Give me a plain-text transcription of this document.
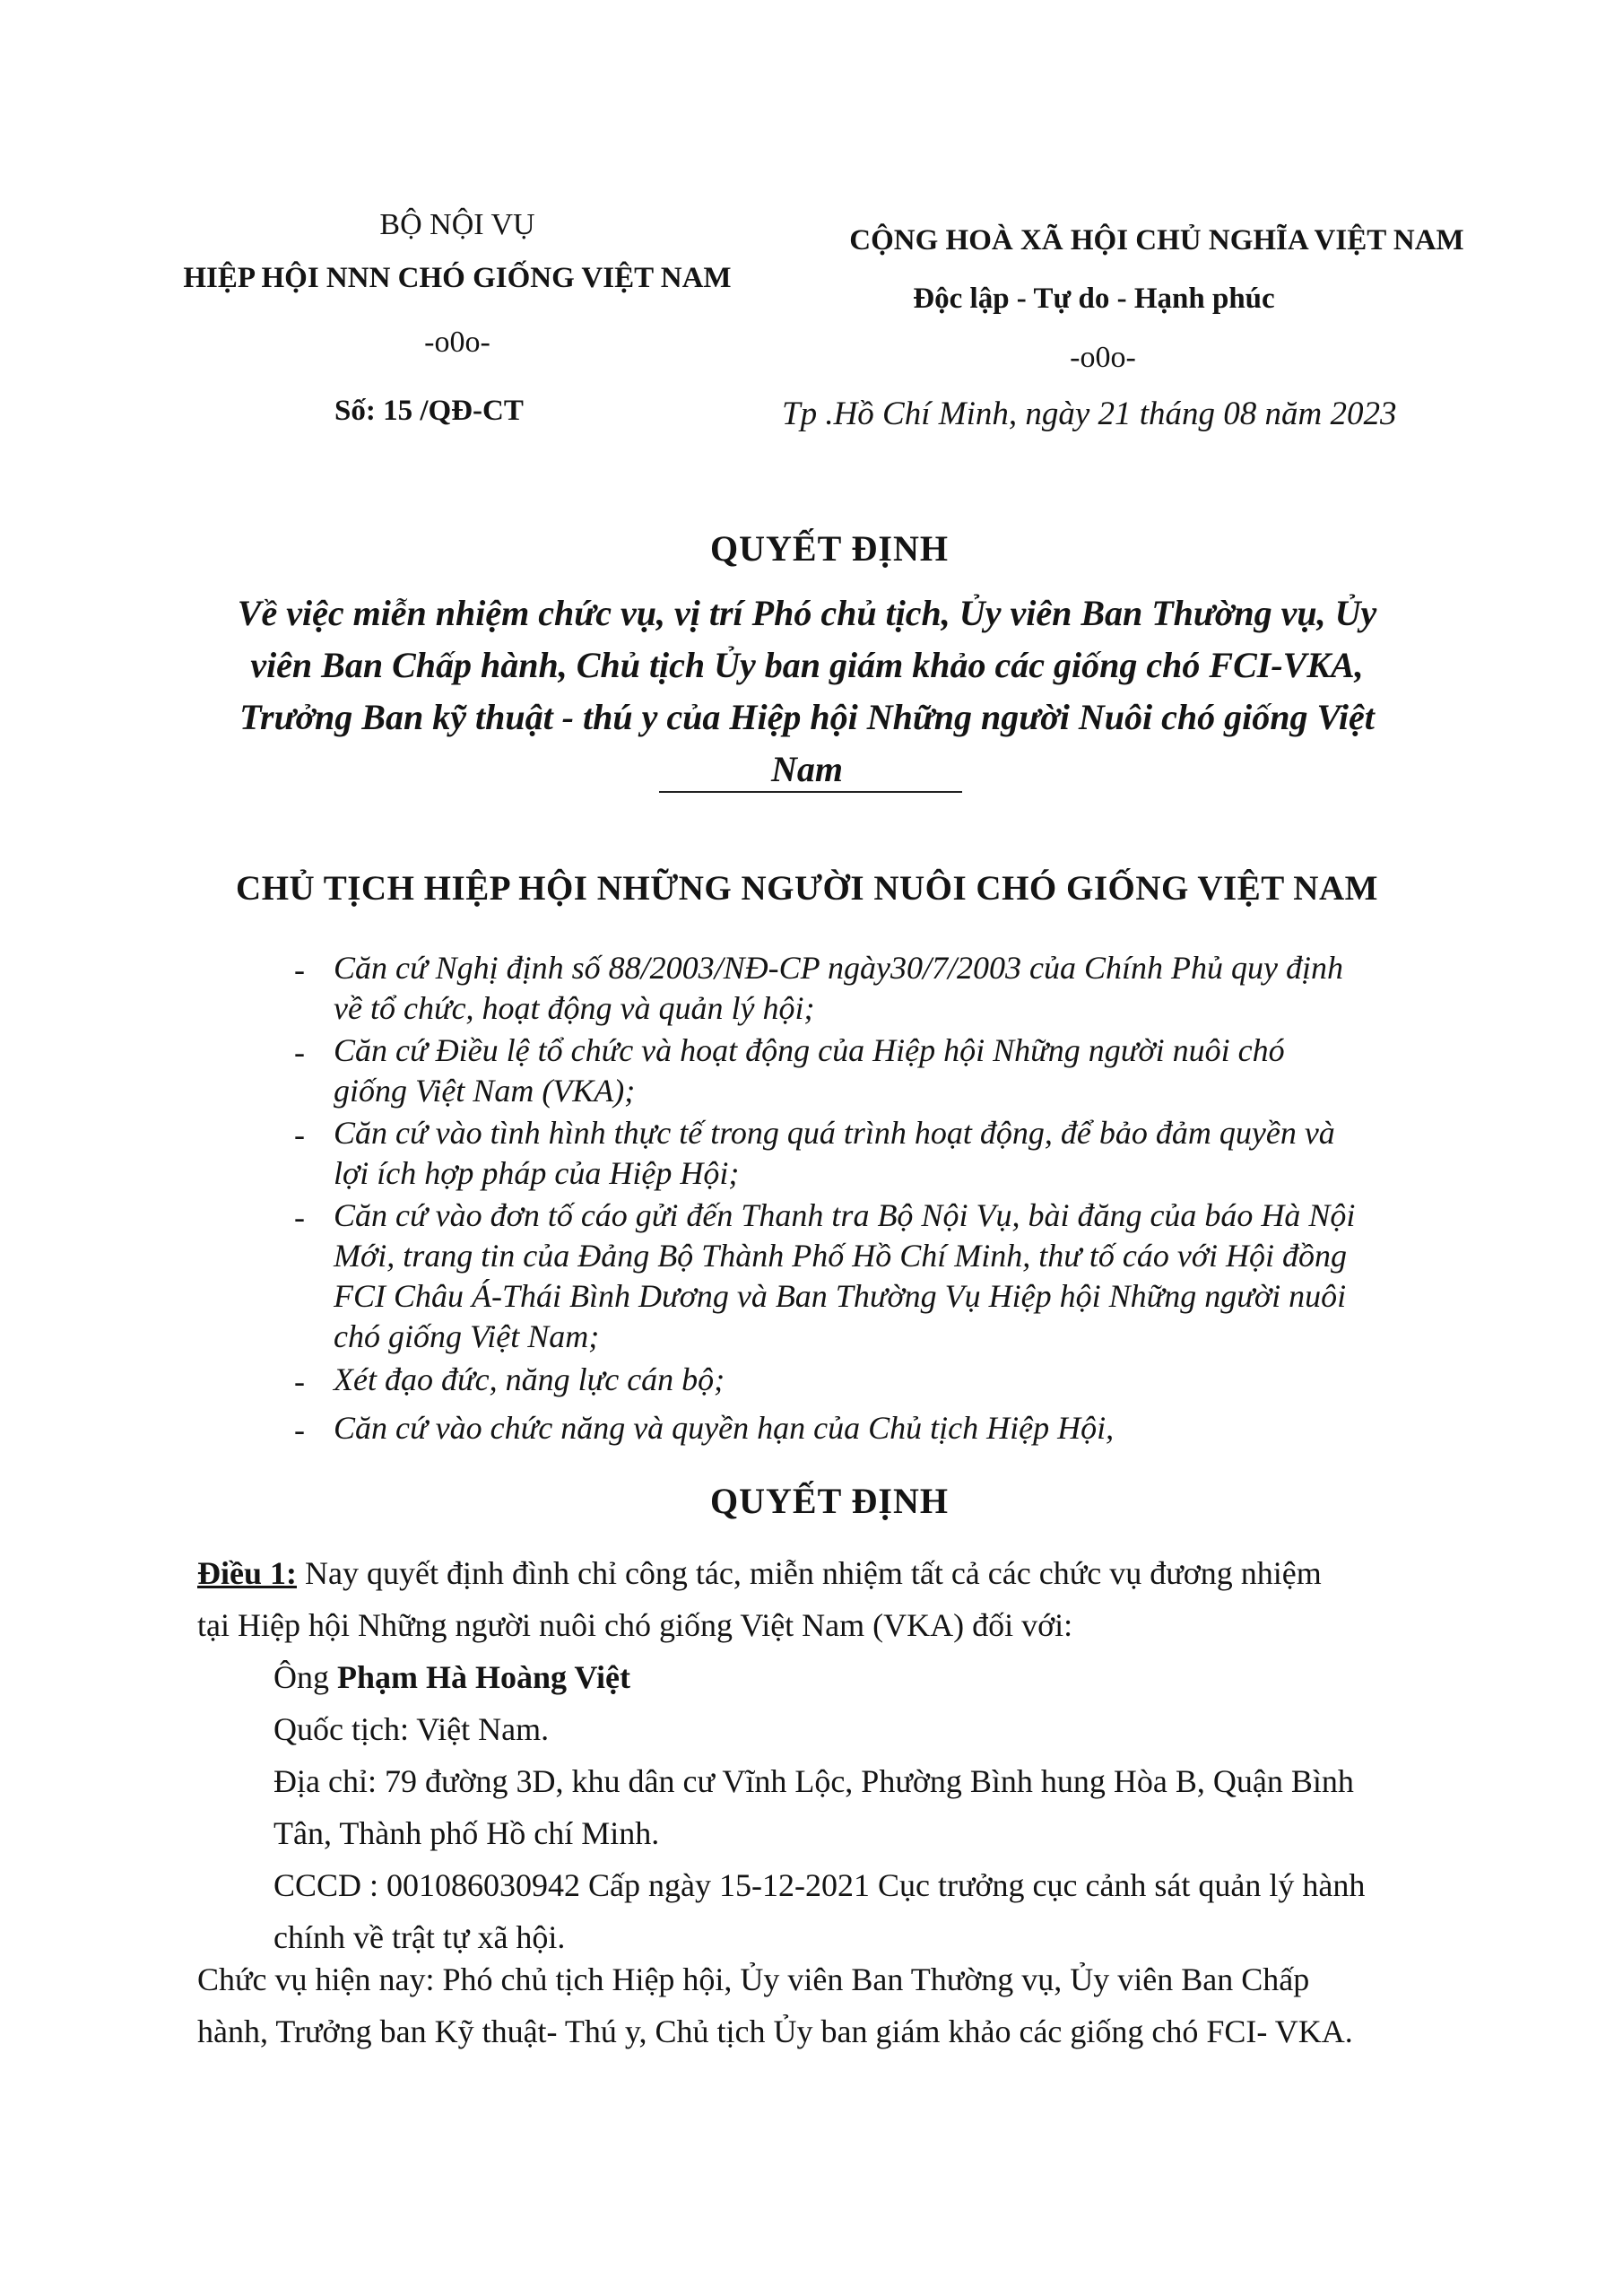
BỘ NỘI VỤ
HIỆP HỘI NNN CHÓ GIỐNG VIỆT NAM
-o0o-
Số: 15 /QĐ-CT
CỘNG HOÀ XÃ HỘI CHỦ NGHĨA VIỆT NAM
Độc lập - Tự do - Hạnh phúc
-o0o-
Tp .Hồ Chí Minh, ngày 21 tháng 08 năm 2023
QUYẾT ĐỊNH
Về việc miễn nhiệm chức vụ, vị trí Phó chủ tịch, Ủy viên Ban Thường vụ, Ủy
viên Ban Chấp hành, Chủ tịch Ủy ban giám khảo các giống chó FCI-VKA,
Trưởng Ban kỹ thuật - thú y của Hiệp hội Những người Nuôi chó giống Việt
Nam
CHỦ TỊCH HIỆP HỘI NHỮNG NGƯỜI NUÔI CHÓ GIỐNG VIỆT NAM
- Căn cứ Nghị định số 88/2003/NĐ-CP ngày30/7/2003 của Chính Phủ quy định
về tổ chức, hoạt động và quản lý hội;
- Căn cứ Điều lệ tổ chức và hoạt động của Hiệp hội Những người nuôi chó
giống Việt Nam (VKA);
- Căn cứ vào tình hình thực tế trong quá trình hoạt động, để bảo đảm quyền và
lợi ích hợp pháp của Hiệp Hội;
- Căn cứ vào đơn tố cáo gửi đến Thanh tra Bộ Nội Vụ, bài đăng của báo Hà Nội
Mới, trang tin của Đảng Bộ Thành Phố Hồ Chí Minh, thư tố cáo với Hội đồng
FCI Châu Á-Thái Bình Dương và Ban Thường Vụ Hiệp hội Những người nuôi
chó giống Việt Nam;
- Xét đạo đức, năng lực cán bộ;
- Căn cứ vào chức năng và quyền hạn của Chủ tịch Hiệp Hội,
QUYẾT ĐỊNH
Điều 1: Nay quyết định đình chỉ công tác, miễn nhiệm tất cả các chức vụ đương nhiệm
tại Hiệp hội Những người nuôi chó giống Việt Nam (VKA) đối với:
Ông Phạm Hà Hoàng Việt
Quốc tịch: Việt Nam.
Địa chỉ: 79 đường 3D, khu dân cư Vĩnh Lộc, Phường Bình hung Hòa B, Quận Bình
Tân, Thành phố Hồ chí Minh.
CCCD : 001086030942 Cấp ngày 15-12-2021 Cục trưởng cục cảnh sát quản lý hành
chính về trật tự xã hội.
Chức vụ hiện nay: Phó chủ tịch Hiệp hội, Ủy viên Ban Thường vụ, Ủy viên Ban Chấp
hành, Trưởng ban Kỹ thuật- Thú y, Chủ tịch Ủy ban giám khảo các giống chó FCI- VKA.
